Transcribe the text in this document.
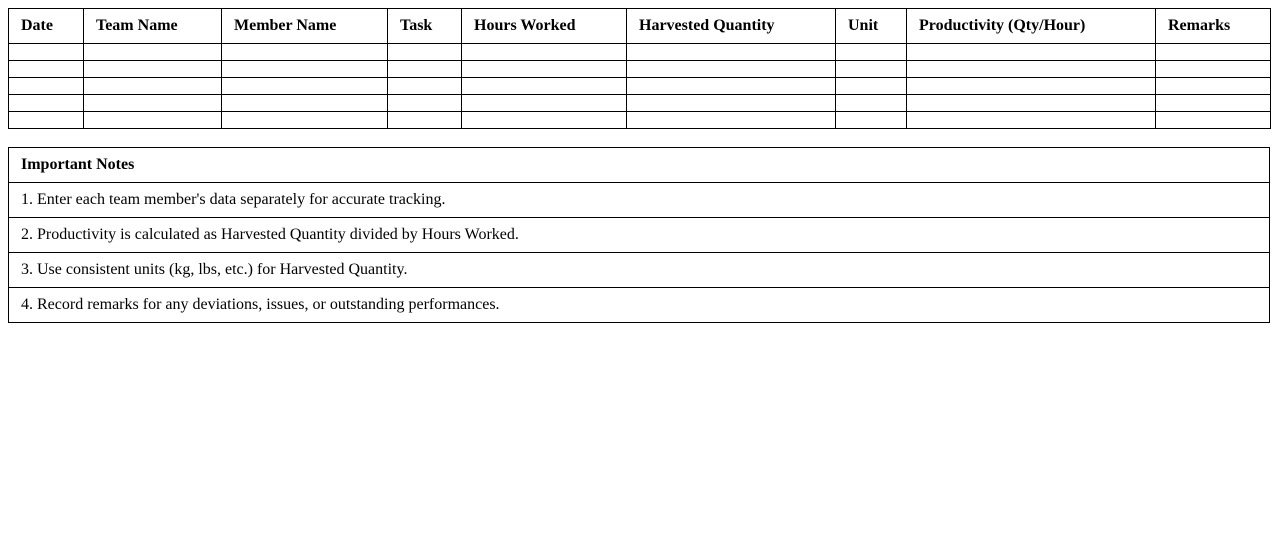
Date	Team Name	Member Name	Task	Hours Worked	Harvested Quantity	Unit	Productivity (Qty/Hour)	Remarks

Important Notes
1. Enter each team member's data separately for accurate tracking.
2. Productivity is calculated as Harvested Quantity divided by Hours Worked.
3. Use consistent units (kg, lbs, etc.) for Harvested Quantity.
4. Record remarks for any deviations, issues, or outstanding performances.
